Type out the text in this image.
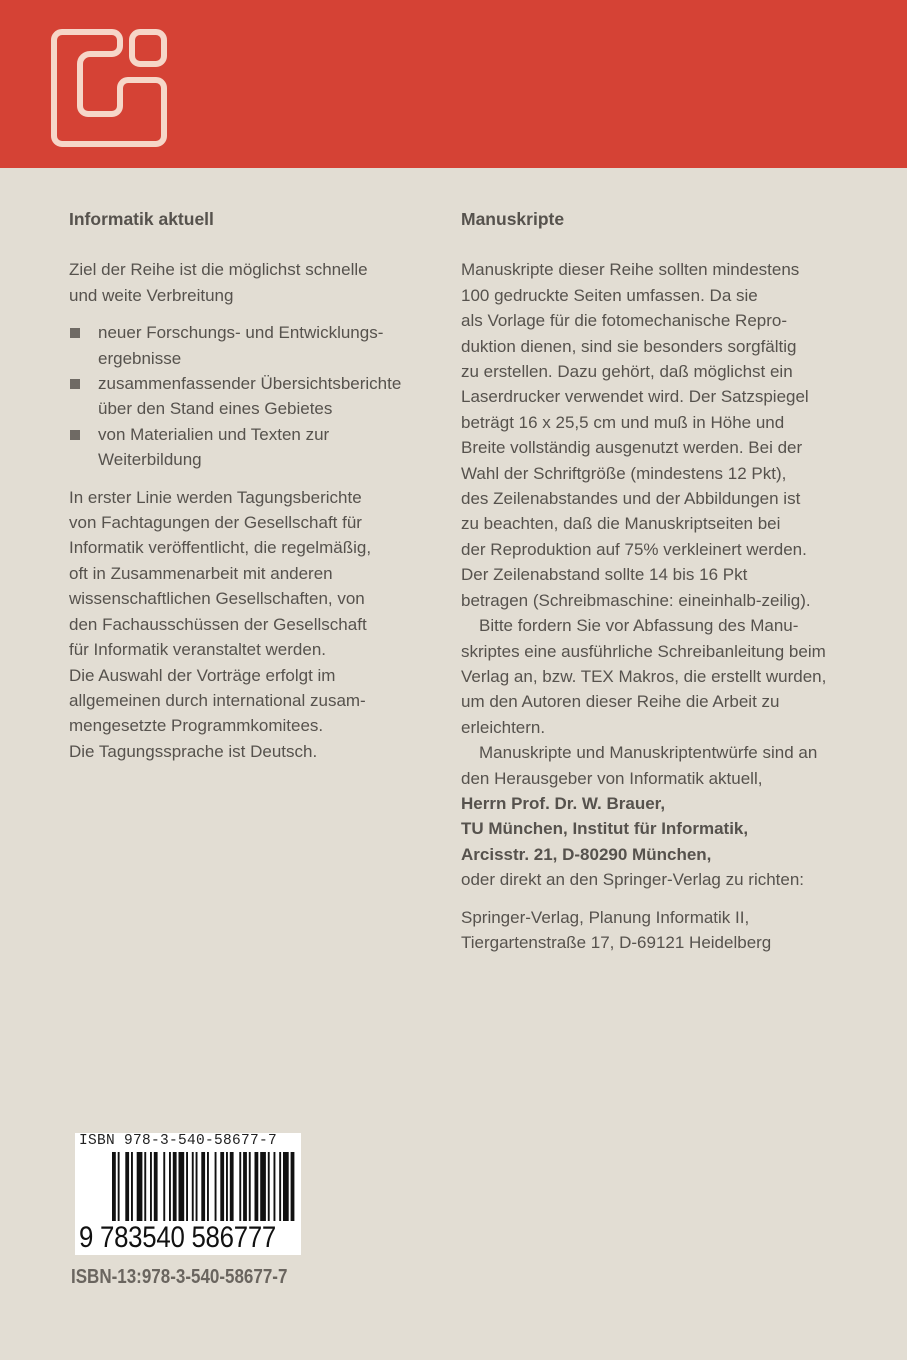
Informatik aktuell
Ziel der Reihe ist die möglichst schnelle
und weite Verbreitung
neuer Forschungs- und Entwicklungs-
ergebnisse
zusammenfassender Übersichtsberichte
über den Stand eines Gebietes
von Materialien und Texten zur
Weiterbildung
In erster Linie werden Tagungsberichte
von Fachtagungen der Gesellschaft für
Informatik veröffentlicht, die regelmäßig,
oft in Zusammenarbeit mit anderen
wissenschaftlichen Gesellschaften, von
den Fachausschüssen der Gesellschaft
für Informatik veranstaltet werden.
Die Auswahl der Vorträge erfolgt im
allgemeinen durch international zusam-
mengesetzte Programmkomitees.
Die Tagungssprache ist Deutsch.
Manuskripte
Manuskripte dieser Reihe sollten mindestens
100 gedruckte Seiten umfassen. Da sie
als Vorlage für die fotomechanische Repro-
duktion dienen, sind sie besonders sorgfältig
zu erstellen. Dazu gehört, daß möglichst ein
Laserdrucker verwendet wird. Der Satzspiegel
beträgt 16 x 25,5 cm und muß in Höhe und
Breite vollständig ausgenutzt werden. Bei der
Wahl der Schriftgröße (mindestens 12 Pkt),
des Zeilenabstandes und der Abbildungen ist
zu beachten, daß die Manuskriptseiten bei
der Reproduktion auf 75% verkleinert werden.
Der Zeilenabstand sollte 14 bis 16 Pkt
betragen (Schreibmaschine: eineinhalb-zeilig).
Bitte fordern Sie vor Abfassung des Manu-
skriptes eine ausführliche Schreibanleitung beim
Verlag an, bzw. TEX Makros, die erstellt wurden,
um den Autoren dieser Reihe die Arbeit zu
erleichtern.
Manuskripte und Manuskriptentwürfe sind an
den Herausgeber von Informatik aktuell,
Herrn Prof. Dr. W. Brauer,
TU München, Institut für Informatik,
Arcisstr. 21, D-80290 München,
oder direkt an den Springer-Verlag zu richten:
Springer-Verlag, Planung Informatik II,
Tiergartenstraße 17, D-69121 Heidelberg
ISBN 978-3-540-58677-7
9 783540 586777
ISBN-13:978-3-540-58677-7
